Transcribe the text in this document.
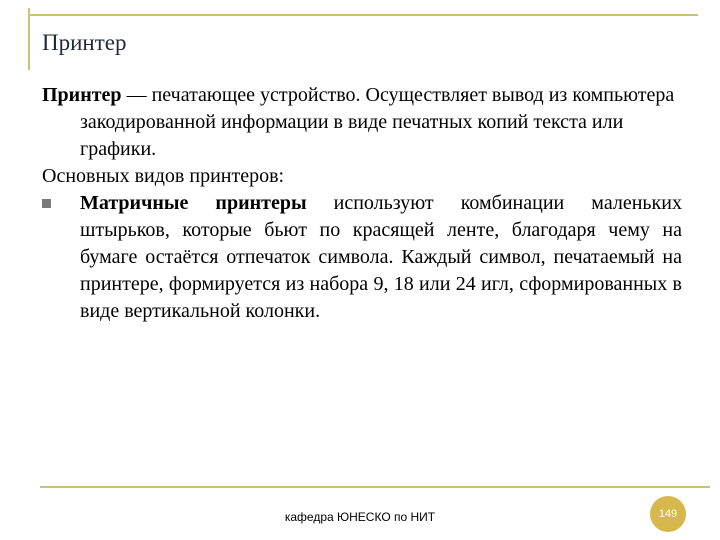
Принтер

Принтер — печатающее устройство. Осуществляет вывод из компьютера закодированной информации в виде печатных копий текста или графики.

Основных видов принтеров:

Матричные принтеры используют комбинации маленьких штырьков, которые бьют по красящей ленте, благодаря чему на бумаге остаётся отпечаток символа. Каждый символ, печатаемый на принтере, формируется из набора 9, 18 или 24 игл, сформированных в виде вертикальной колонки.

кафедра ЮНЕСКО по НИТ	149
